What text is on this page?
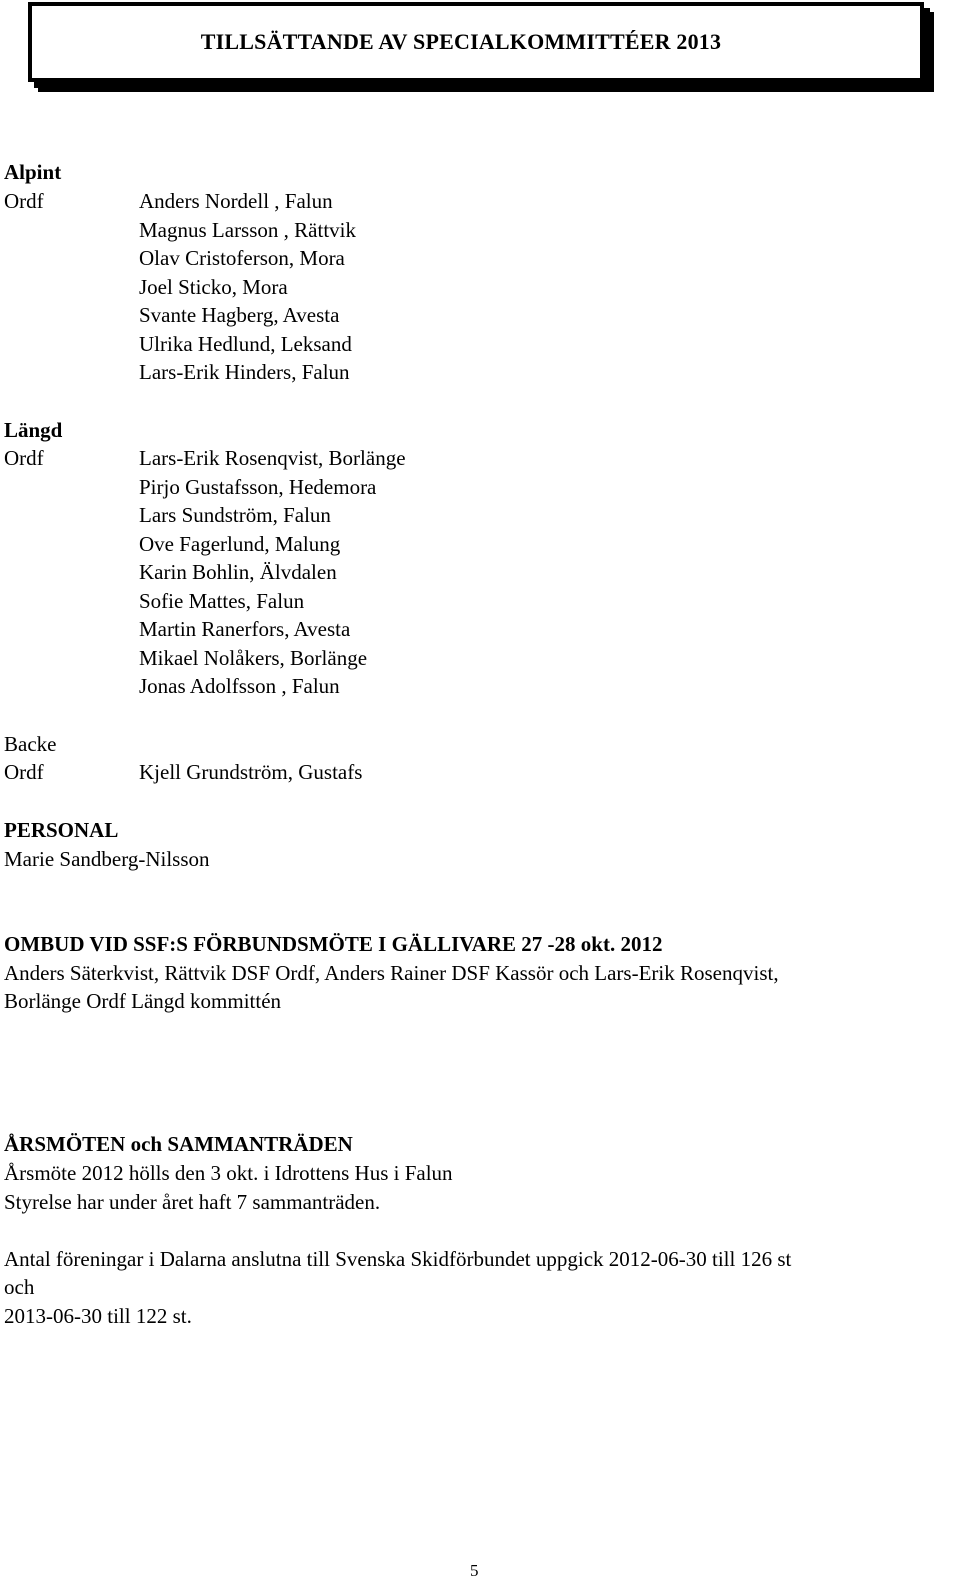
TILLSÄTTANDE AV SPECIALKOMMITTÉER 2013
Alpint
Ordf	Anders Nordell , Falun
Magnus Larsson , Rättvik
Olav Cristoferson, Mora
Joel Sticko, Mora
Svante Hagberg, Avesta
Ulrika Hedlund, Leksand
Lars-Erik Hinders, Falun
Längd
Ordf	Lars-Erik Rosenqvist, Borlänge
Pirjo Gustafsson, Hedemora
Lars Sundström, Falun
Ove Fagerlund, Malung
Karin Bohlin, Älvdalen
Sofie Mattes, Falun
Martin Ranerfors, Avesta
Mikael Nolåkers, Borlänge
Jonas Adolfsson , Falun
Backe
Ordf	Kjell Grundström, Gustafs
PERSONAL
Marie Sandberg-Nilsson
OMBUD VID SSF:S FÖRBUNDSMÖTE I GÄLLIVARE 27 -28 okt. 2012
Anders Säterkvist, Rättvik DSF Ordf, Anders Rainer DSF Kassör och Lars-Erik Rosenqvist,
Borlänge Ordf Längd kommittén
ÅRSMÖTEN och SAMMANTRÄDEN
Årsmöte 2012 hölls den 3 okt. i Idrottens Hus i Falun
Styrelse har under året haft 7 sammanträden.
Antal föreningar i Dalarna anslutna till Svenska Skidförbundet uppgick 2012-06-30 till 126 st
och
2013-06-30 till 122 st.
5
